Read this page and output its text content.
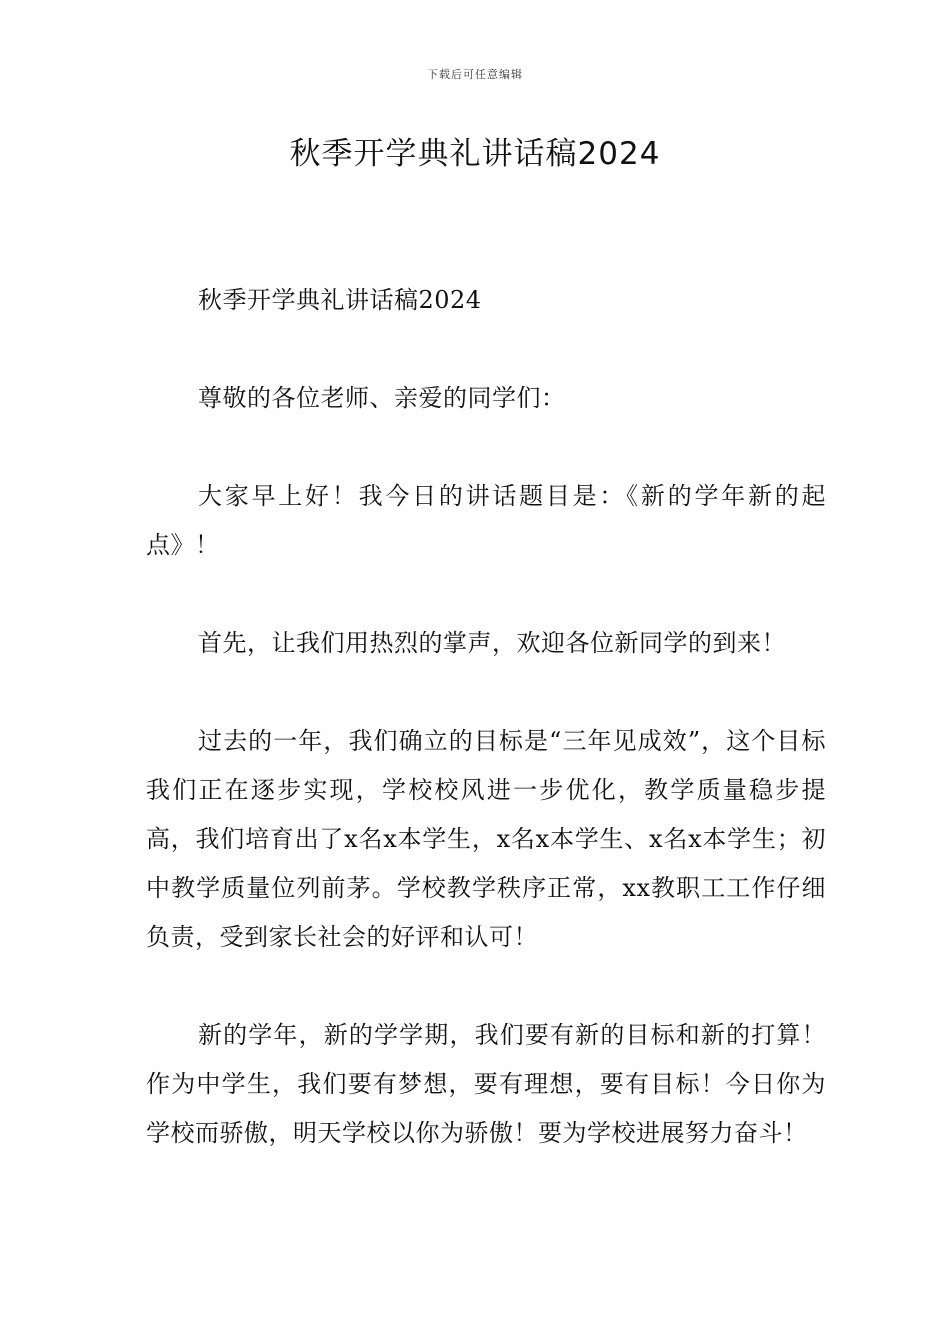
下载后可任意编辑
秋季开学典礼讲话稿2024

秋季开学典礼讲话稿2024

尊敬的各位老师、亲爱的同学们：

大家早上好！我今日的讲话题目是：《新的学年新的起点》！

首先，让我们用热烈的掌声，欢迎各位新同学的到来！

过去的一年，我们确立的目标是“三年见成效”，这个目标我们正在逐步实现，学校校风进一步优化，教学质量稳步提高，我们培育出了x名x本学生，x名x本学生、x名x本学生；初中教学质量位列前茅。学校教学秩序正常，xx教职工工作仔细负责，受到家长社会的好评和认可！

新的学年，新的学学期，我们要有新的目标和新的打算！作为中学生，我们要有梦想，要有理想，要有目标！今日你为学校而骄傲，明天学校以你为骄傲！要为学校进展努力奋斗！
